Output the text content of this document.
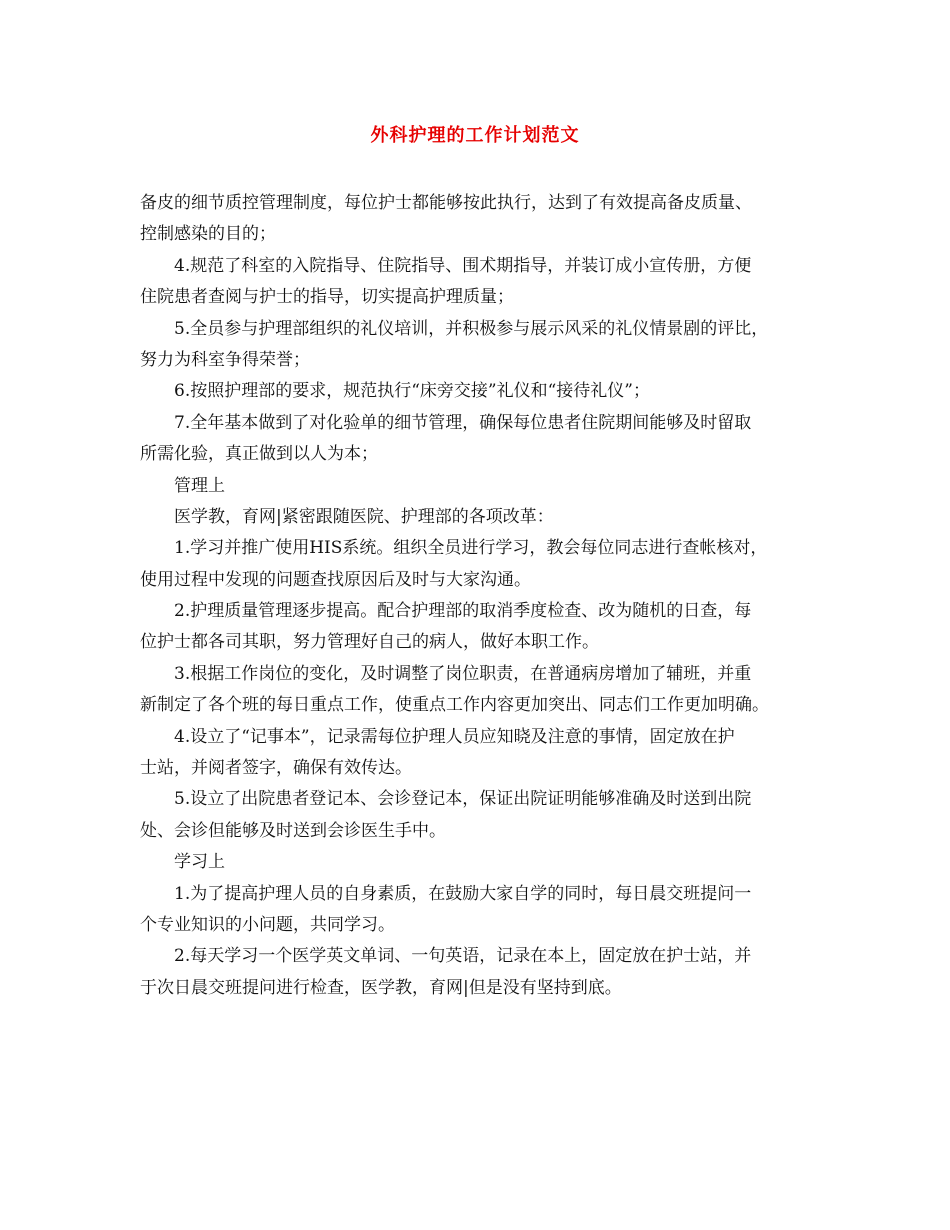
外科护理的工作计划范文
备皮的细节质控管理制度，每位护士都能够按此执行，达到了有效提高备皮质量、
控制感染的目的；
4.规范了科室的入院指导、住院指导、围术期指导，并装订成小宣传册，方便
住院患者查阅与护士的指导，切实提高护理质量；
5.全员参与护理部组织的礼仪培训，并积极参与展示风采的礼仪情景剧的评比，
努力为科室争得荣誉；
6.按照护理部的要求，规范执行“床旁交接”礼仪和“接待礼仪”；
7.全年基本做到了对化验单的细节管理，确保每位患者住院期间能够及时留取
所需化验，真正做到以人为本；
管理上
医学教，育网|紧密跟随医院、护理部的各项改革：
1.学习并推广使用HIS系统。组织全员进行学习，教会每位同志进行查帐核对，
使用过程中发现的问题查找原因后及时与大家沟通。
2.护理质量管理逐步提高。配合护理部的取消季度检查、改为随机的日查，每
位护士都各司其职，努力管理好自己的病人，做好本职工作。
3.根据工作岗位的变化，及时调整了岗位职责，在普通病房增加了辅班，并重
新制定了各个班的每日重点工作，使重点工作内容更加突出、同志们工作更加明确。
4.设立了“记事本”，记录需每位护理人员应知晓及注意的事情，固定放在护
士站，并阅者签字，确保有效传达。
5.设立了出院患者登记本、会诊登记本，保证出院证明能够准确及时送到出院
处、会诊但能够及时送到会诊医生手中。
学习上
1.为了提高护理人员的自身素质，在鼓励大家自学的同时，每日晨交班提问一
个专业知识的小问题，共同学习。
2.每天学习一个医学英文单词、一句英语，记录在本上，固定放在护士站，并
于次日晨交班提问进行检查，医学教，育网|但是没有坚持到底。
